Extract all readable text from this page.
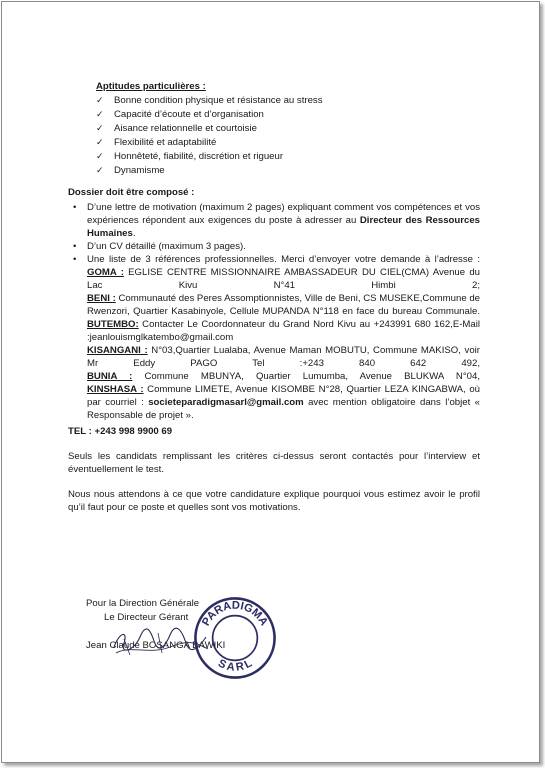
Aptitudes particulières :
✓ Bonne condition physique et résistance au stress
✓ Capacité d’écoute et d’organisation
✓ Aisance relationnelle et courtoisie
✓ Flexibilité et adaptabilité
✓ Honnêteté, fiabilité, discrétion et rigueur
✓ Dynamisme
Dossier doit être composé :
• D’une lettre de motivation (maximum 2 pages) expliquant comment vos compétences et vos expériences répondent aux exigences du poste à adresser au Directeur des Ressources Humaines.
• D’un CV détaillé (maximum 3 pages).
• Une liste de 3 références professionnelles. Merci d’envoyer votre demande à l’adresse :
GOMA : EGLISE CENTRE MISSIONNAIRE AMBASSADEUR DU CIEL(CMA) Avenue du Lac Kivu N°41 Himbi 2;
BENI : Communauté des Peres Assomptionnistes, Ville de Beni, CS MUSEKE,Commune de Rwenzori, Quartier Kasabinyole, Cellule MUPANDA N°118 en face du bureau Communale.
BUTEMBO: Contacter Le Coordonnateur du Grand Nord Kivu au +243991 680 162,E-Mail :jeanlouismglkatembo@gmail.com
KISANGANI : N°03,Quartier Lualaba, Avenue Maman MOBUTU, Commune MAKISO, voir Mr Eddy PAGO Tel :+243 840 642 492,
BUNIA : Commune MBUNYA, Quartier Lumumba, Avenue BLUKWA N°04,
KINSHASA : Commune LIMETE, Avenue KISOMBE N°28, Quartier LEZA KINGABWA, où par courriel : societeparadigmasarl@gmail.com avec mention obligatoire dans l’objet « Responsable de projet ».
TEL : +243 998 9900 69
Seuls les candidats remplissant les critères ci-dessus seront contactés pour l’interview et éventuellement le test.
Nous nous attendons à ce que votre candidature explique pourquoi vous estimez avoir le profil qu’il faut pour ce poste et quelles sont vos motivations.
Pour la Direction Générale
Le Directeur Gérant
Jean Claude BOSANGA BAWIKI
PARADIGMA
SARL
